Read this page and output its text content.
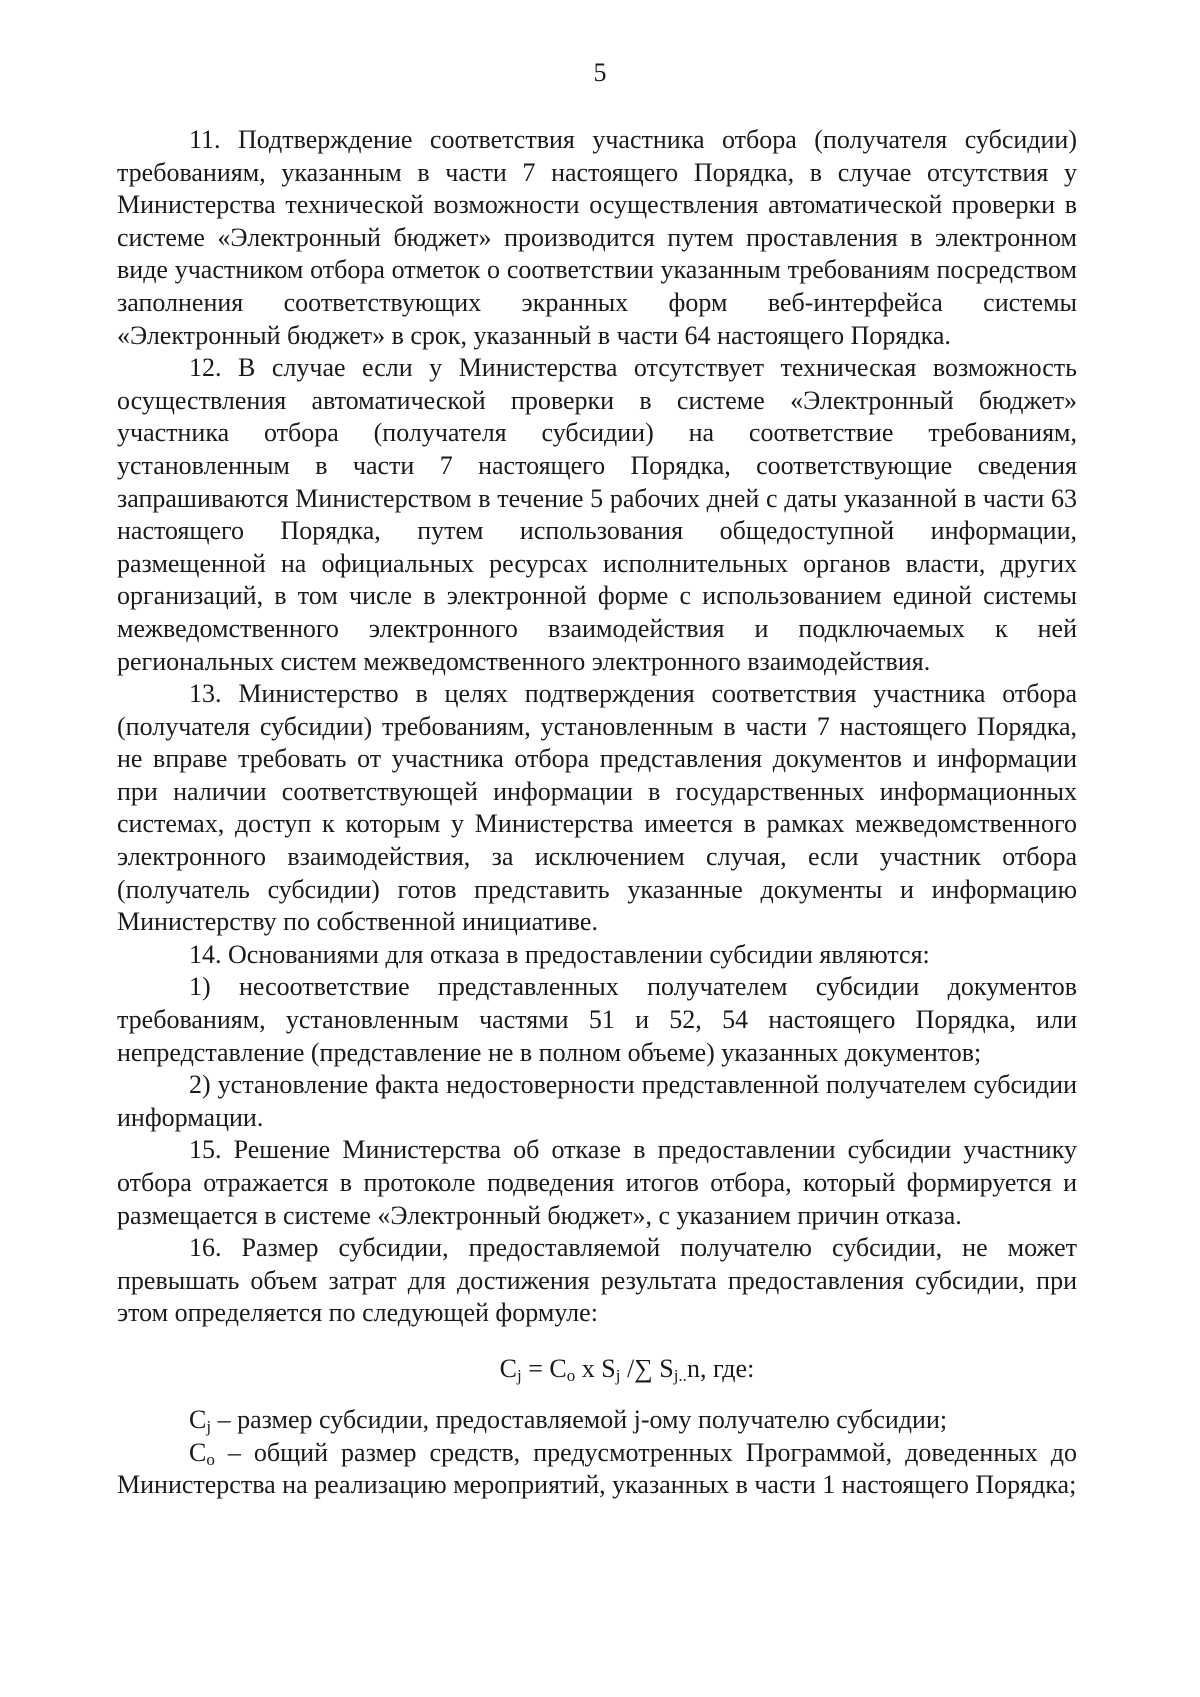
5

11. Подтверждение соответствия участника отбора (получателя субсидии) требованиям, указанным в части 7 настоящего Порядка, в случае отсутствия у Министерства технической возможности осуществления автоматической проверки в системе «Электронный бюджет» производится путем проставления в электронном виде участником отбора отметок о соответствии указанным требованиям посредством заполнения соответствующих экранных форм веб-интерфейса системы «Электронный бюджет» в срок, указанный в части 64 настоящего Порядка.

12. В случае если у Министерства отсутствует техническая возможность осуществления автоматической проверки в системе «Электронный бюджет» участника отбора (получателя субсидии) на соответствие требованиям, установленным в части 7 настоящего Порядка, соответствующие сведения запрашиваются Министерством в течение 5 рабочих дней с даты указанной в части 63 настоящего Порядка, путем использования общедоступной информации, размещенной на официальных ресурсах исполнительных органов власти, других организаций, в том числе в электронной форме с использованием единой системы межведомственного электронного взаимодействия и подключаемых к ней региональных систем межведомственного электронного взаимодействия.

13. Министерство в целях подтверждения соответствия участника отбора (получателя субсидии) требованиям, установленным в части 7 настоящего Порядка, не вправе требовать от участника отбора представления документов и информации при наличии соответствующей информации в государственных информационных системах, доступ к которым у Министерства имеется в рамках межведомственного электронного взаимодействия, за исключением случая, если участник отбора (получатель субсидии) готов представить указанные документы и информацию Министерству по собственной инициативе.

14. Основаниями для отказа в предоставлении субсидии являются:

1) несоответствие представленных получателем субсидии документов требованиям, установленным частями 51 и 52, 54 настоящего Порядка, или непредставление (представление не в полном объеме) указанных документов;

2) установление факта недостоверности представленной получателем субсидии информации.

15. Решение Министерства об отказе в предоставлении субсидии участнику отбора отражается в протоколе подведения итогов отбора, который формируется и размещается в системе «Электронный бюджет», с указанием причин отказа.

16. Размер субсидии, предоставляемой получателю субсидии, не может превышать объем затрат для достижения результата предоставления субсидии, при этом определяется по следующей формуле:

$C_j = C_o$ x $S_j$ /∑ $S_{j..}n$, где:

$C_j$ – размер субсидии, предоставляемой j-ому получателю субсидии;

$C_o$ – общий размер средств, предусмотренных Программой, доведенных до Министерства на реализацию мероприятий, указанных в части 1 настоящего Порядка;
